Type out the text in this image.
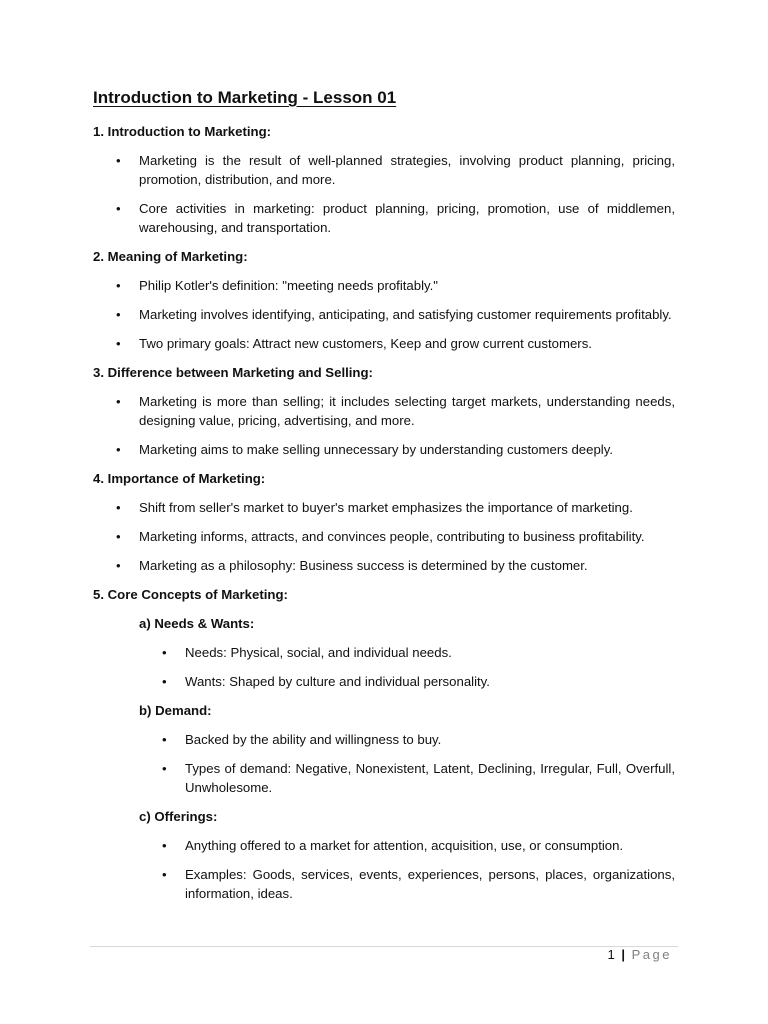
Introduction to Marketing - Lesson 01

1. Introduction to Marketing:

• Marketing is the result of well-planned strategies, involving product planning, pricing, promotion, distribution, and more.
• Core activities in marketing: product planning, pricing, promotion, use of middlemen, warehousing, and transportation.

2. Meaning of Marketing:

• Philip Kotler's definition: "meeting needs profitably."
• Marketing involves identifying, anticipating, and satisfying customer requirements profitably.
• Two primary goals: Attract new customers, Keep and grow current customers.

3. Difference between Marketing and Selling:

• Marketing is more than selling; it includes selecting target markets, understanding needs, designing value, pricing, advertising, and more.
• Marketing aims to make selling unnecessary by understanding customers deeply.

4. Importance of Marketing:

• Shift from seller's market to buyer's market emphasizes the importance of marketing.
• Marketing informs, attracts, and convinces people, contributing to business profitability.
• Marketing as a philosophy: Business success is determined by the customer.

5. Core Concepts of Marketing:

a) Needs & Wants:

• Needs: Physical, social, and individual needs.
• Wants: Shaped by culture and individual personality.

b) Demand:

• Backed by the ability and willingness to buy.
• Types of demand: Negative, Nonexistent, Latent, Declining, Irregular, Full, Overfull, Unwholesome.

c) Offerings:

• Anything offered to a market for attention, acquisition, use, or consumption.
• Examples: Goods, services, events, experiences, persons, places, organizations, information, ideas.
1 | Page
